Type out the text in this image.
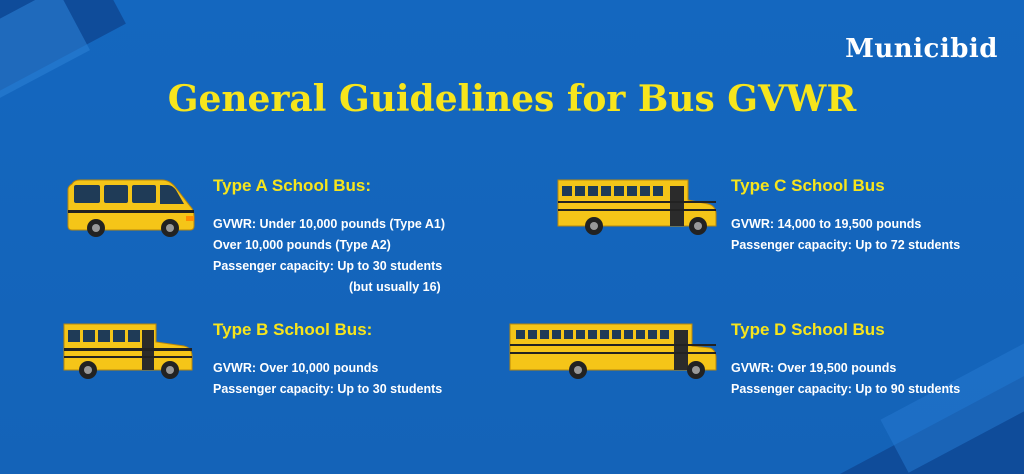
Municibid
General Guidelines for Bus GVWR
Type A School Bus:

GVWR: Under 10,000 pounds (Type A1)

Over 10,000 pounds (Type A2)

Passenger capacity: Up to 30 students

(but usually 16)

Type B School Bus:

GVWR: Over 10,000 pounds

Passenger capacity: Up to 30 students

Type C School Bus

GVWR: 14,000 to 19,500 pounds

Passenger capacity: Up to 72 students

Type D School Bus

GVWR: Over 19,500 pounds

Passenger capacity: Up to 90 students
